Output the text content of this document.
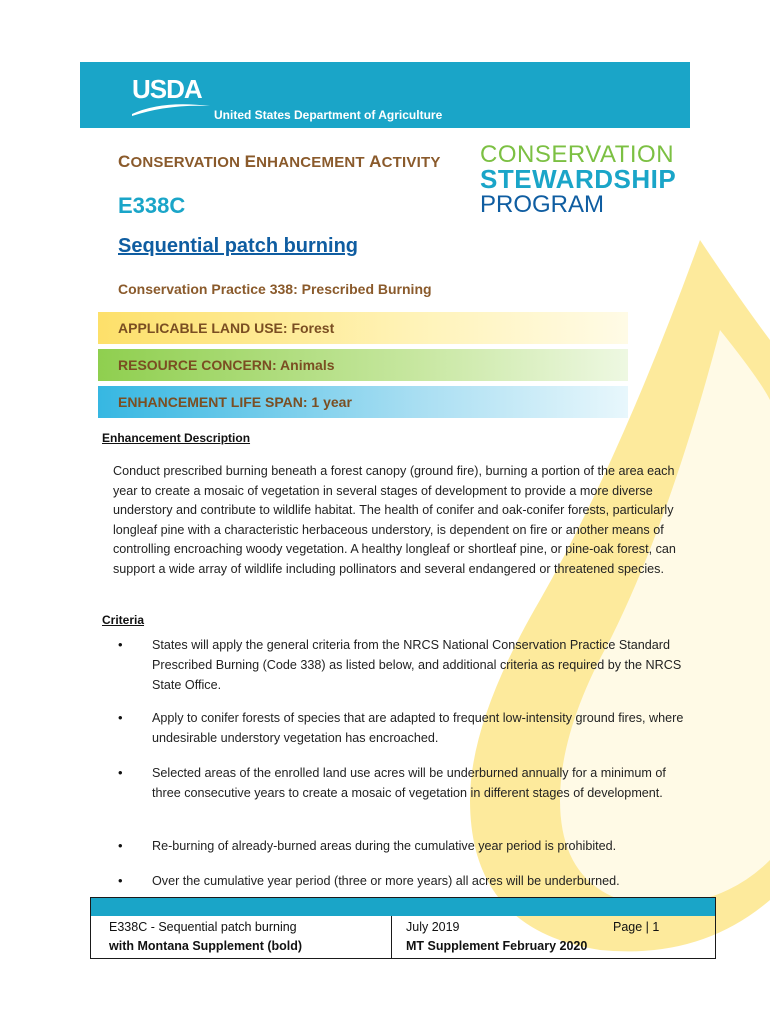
USDA
United States Department of Agriculture
CONSERVATION ENHANCEMENT ACTIVITY
E338C
CONSERVATION
STEWARDSHIP
PROGRAM
Sequential patch burning
Conservation Practice 338: Prescribed Burning
APPLICABLE LAND USE: Forest
RESOURCE CONCERN: Animals
ENHANCEMENT LIFE SPAN: 1 year
Enhancement Description
Conduct prescribed burning beneath a forest canopy (ground fire), burning a portion of the area each year to create a mosaic of vegetation in several stages of development to provide a more diverse understory and contribute to wildlife habitat. The health of conifer and oak-conifer forests, particularly longleaf pine with a characteristic herbaceous understory, is dependent on fire or another means of controlling encroaching woody vegetation. A healthy longleaf or shortleaf pine, or pine-oak forest, can support a wide array of wildlife including pollinators and several endangered or threatened species.
Criteria
• States will apply the general criteria from the NRCS National Conservation Practice Standard Prescribed Burning (Code 338) as listed below, and additional criteria as required by the NRCS State Office.
• Apply to conifer forests of species that are adapted to frequent low-intensity ground fires, where undesirable understory vegetation has encroached.
• Selected areas of the enrolled land use acres will be underburned annually for a minimum of three consecutive years to create a mosaic of vegetation in different stages of development.
• Re-burning of already-burned areas during the cumulative year period is prohibited.
• Over the cumulative year period (three or more years) all acres will be underburned.
E338C - Sequential patch burning
with Montana Supplement (bold)
July 2019	Page | 1
MT Supplement February 2020
